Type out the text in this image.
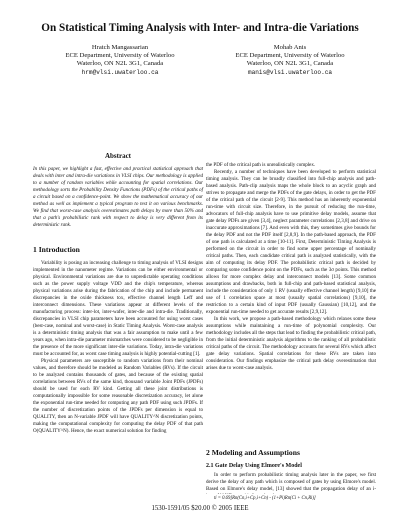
On Statistical Timing Analysis with Inter- and Intra-die Variations
Hratch Mangassarian
ECE Department, University of Waterloo
Waterloo, ON N2L 3G1, Canada
hrm@vlsi.uwaterloo.ca
Mohab Anis
ECE Department, University of Waterloo
Waterloo, ON N2L 3G1, Canada
manis@vlsi.uwaterloo.ca
Abstract
In this paper, we highlight a fast, effective and practical statistical approach that deals with inter and intra-die variations in VLSI chips. Our methodology is applied to a number of random variables while accounting for spatial correlations. Our methodology sorts the Probability Density Functions (PDFs) of the critical paths of a circuit based on a confidence-point. We show the mathematical accuracy of our method as well as implement a typical program to test it on various benchmarks. We find that worst-case analysis overestimates path delays by more than 50% and that a path's probabilistic rank with respect to delay is very different from its deterministic rank.
1 Introduction

Variability is posing an increasing challenge to timing analysis of VLSI designs implemented in the nanometer regime. Variations can be either environmental or physical. Environmental variations are due to unpredictable operating conditions such as the power supply voltage VDD and the chip's temperature, whereas physical variations arise during the fabrication of the chip and include permanent discrepancies in the oxide thickness tox, effective channel length Leff and interconnect dimensions. These variations appear at different levels of the manufacturing process: inter-lot, inter-wafer, inter-die and intra-die. Traditionally, discrepancies in VLSI chip parameters have been accounted for using worst cases (best-case, nominal and worst-case) in Static Timing Analysis. Worst-case analysis is a deterministic timing analysis that was a fair assumption to make until a few years ago, when intra-die parameter mismatches were considered to be negligible in the presence of the more significant inter-die variations. Today, intra-die variations must be accounted for, as worst case timing analysis is highly potential-cutting [1].

Physical parameters are susceptible to random variations from their nominal values, and therefore should be modeled as Random Variables (RVs). If the circuit to be analyzed contains thousands of gates, and because of the existing spatial correlations between RVs of the same kind, thousand variable Joint PDFs (JPDFs) should be used for each RV kind. Getting all these joint distributions is computationally impossible for some reasonable discretization accuracy, let alone the exponential run-time needed for computing any path PDF using such JPDFs. If the number of discretization points of the JPDFs per dimension is equal to QUALITY, then an N-variable JPDF will have QUALITY^N discretization points, making the computational complexity for computing the delay PDF of that path O(QUALITY^N). Hence, the exact numerical solution for finding

the PDF of the critical path is unrealistically complex.

Recently, a number of techniques have been developed to perform statistical timing analysis. They can be broadly classified into full-chip analysis and path-based analysis. Path-clip analysis maps the whole block to an acyclic graph and strives to propagate and merge the PDFs of the gate delays, in order to get the PDF of the critical path of the circuit [2-9]. This method has an inherently exponential run-time with circuit size. Therefore, in the pursuit of reducing the run-time, advocators of full-chip analysis have to use primitive delay models, assume that gate delay PDFs are given [3,4], neglect parameter correlations [2,3,8] and drive on inaccurate approximations [7]. And even with this, they sometimes give bounds for the delay PDF and not the PDF itself [2,8,9]. In the path-based approach, the PDF of one path is calculated at a time [10-11]. First, Deterministic Timing Analysis is performed on the circuit in order to find some upper percentage of nominally critical paths. Then, each candidate critical path is analyzed statistically, with the aim of computing its delay PDF. The probabilistic critical path is decided by comparing some confidence point on the PDFs, such as the 3σ points. This method allows for more complex delay and interconnect models [13]. Some common assumptions and drawbacks, both in full-chip and path-based statistical analysis, include the consideration of only 1 RV (usually effective channel length) [9,10] the use of 1 correlation space at most (usually spatial correlations) [9,10], the restriction to a certain kind of input PDF (usually Gaussian) [10,12], and the exponential run-time needed to get accurate results [2,9,12].

In this work, we propose a path-based methodology which relaxes some these assumptions while maintaining a run-time of polynomial complexity. Our methodology includes all the steps that lead to finding the probabilistic critical path, from the initial deterministic analysis algorithms to the ranking of all probabilistic critical paths of the circuit. The methodology accounts for several RVs which affect gate delay variations. Spatial correlations for these RVs are taken into consideration. Our findings emphasize the critical path delay overestimation that arises due to worst-case analysis.

2 Modeling and Assumptions
2.1 Gate Delay Using Elmore's Model

In order to perform probabilistic timing analysis later in the paper, we first derive the delay of any path which is composed of gates by using Elmore's model. Based on Elmore's delay model, [13] showed that the propagation delay of an i-

ti = 0.69[Rn(Cn,i+Cp,i+Cn) - (1+Pi)Rn(Ci + Cn,Ri)]
1530-1591/05 $20.00 © 2005 IEEE
